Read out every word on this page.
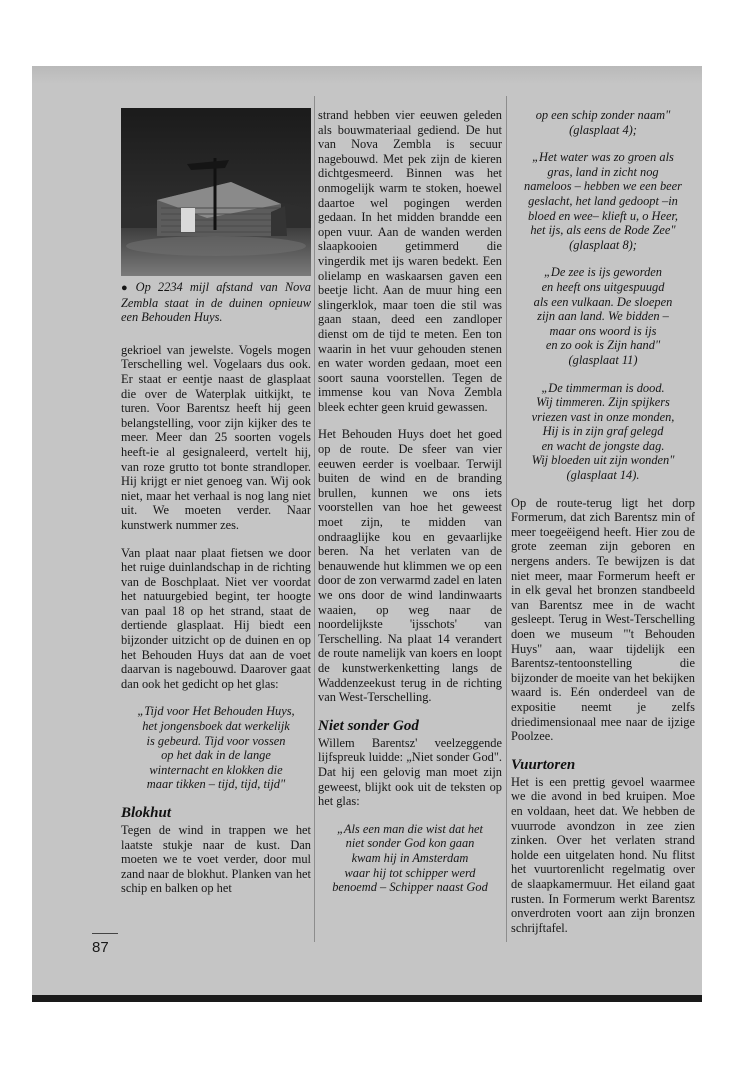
● Op 2234 mijl afstand van Nova Zembla staat in de duinen opnieuw een Behouden Huys.

gekrioel van jewelste. Vogels mogen Terschelling wel. Vogelaars dus ook. Er staat er eentje naast de glasplaat die over de Waterplak uitkijkt, te turen. Voor Barentsz heeft hij geen belangstelling, voor zijn kijker des te meer. Meer dan 25 soorten vogels heeft-ie al gesignaleerd, vertelt hij, van roze grutto tot bonte strandloper. Hij krijgt er niet genoeg van. Wij ook niet, maar het verhaal is nog lang niet uit. We moeten verder. Naar kunstwerk nummer zes.

Van plaat naar plaat fietsen we door het ruige duinlandschap in de richting van de Boschplaat. Niet ver voordat het natuurgebied begint, ter hoogte van paal 18 op het strand, staat de dertiende glasplaat. Hij biedt een bijzonder uitzicht op de duinen en op het Behouden Huys dat aan de voet daarvan is nagebouwd. Daarover gaat dan ook het gedicht op het glas:

„Tijd voor Het Behouden Huys,
het jongensboek dat werkelijk
is gebeurd. Tijd voor vossen
op het dak in de lange
winternacht en klokken die
maar tikken – tijd, tijd, tijd"
Blokhut

Tegen de wind in trappen we het laatste stukje naar de kust. Dan moeten we te voet verder, door mul zand naar de blokhut. Planken van het schip en balken op het

strand hebben vier eeuwen geleden als bouwmateriaal gediend. De hut van Nova Zembla is secuur nagebouwd. Met pek zijn de kieren dichtgesmeerd. Binnen was het onmogelijk warm te stoken, hoewel daartoe wel pogingen werden gedaan. In het midden brandde een open vuur. Aan de wanden werden slaapkooien getimmerd die vingerdik met ijs waren bedekt. Een olielamp en waskaarsen gaven een beetje licht. Aan de muur hing een slingerklok, maar toen die stil was gaan staan, deed een zandloper dienst om de tijd te meten. Een ton waarin in het vuur gehouden stenen en water worden gedaan, moet een soort sauna voorstellen. Tegen de immense kou van Nova Zembla bleek echter geen kruid gewassen.

Het Behouden Huys doet het goed op de route. De sfeer van vier eeuwen eerder is voelbaar. Terwijl buiten de wind en de branding brullen, kunnen we ons iets voorstellen van hoe het geweest moet zijn, te midden van ondraaglijke kou en gevaarlijke beren. Na het verlaten van de benauwende hut klimmen we op een door de zon verwarmd zadel en laten we ons door de wind landinwaarts waaien, op weg naar de noordelijkste 'ijsschots' van Terschelling. Na plaat 14 verandert de route namelijk van koers en loopt de kunstwerkenketting langs de Waddenzeekust terug in de richting van West-Terschelling.

Niet sonder God

Willem Barentsz' veelzeggende lijfspreuk luidde: „Niet sonder God". Dat hij een gelovig man moet zijn geweest, blijkt ook uit de teksten op het glas:

„Als een man die wist dat het
niet sonder God kon gaan
kwam hij in Amsterdam
waar hij tot schipper werd
benoemd – Schipper naast God
op een schip zonder naam"
(glasplaat 4);
„Het water was zo groen als
gras, land in zicht nog
nameloos – hebben we een beer
geslacht, het land gedoopt –in
bloed en wee– klieft u, o Heer,
het ijs, als eens de Rode Zee"
(glasplaat 8);
„De zee is ijs geworden
en heeft ons uitgespuugd
als een vulkaan. De sloepen
zijn aan land. We bidden –
maar ons woord is ijs
en zo ook is Zijn hand"
(glasplaat 11)
„De timmerman is dood.
Wij timmeren. Zijn spijkers
vriezen vast in onze monden,
Hij is in zijn graf gelegd
en wacht de jongste dag.
Wij bloeden uit zijn wonden"
(glasplaat 14).

Op de route-terug ligt het dorp Formerum, dat zich Barentsz min of meer toegeëigend heeft. Hier zou de grote zeeman zijn geboren en nergens anders. Te bewijzen is dat niet meer, maar Formerum heeft er in elk geval het bronzen standbeeld van Barentsz mee in de wacht gesleept. Terug in West-Terschelling doen we museum "'t Behouden Huys" aan, waar tijdelijk een Barentsz-tentoonstelling die bijzonder de moeite van het bekijken waard is. Eén onderdeel van de expositie neemt je zelfs driedimensionaal mee naar de ijzige Poolzee.

Vuurtoren

Het is een prettig gevoel waarmee we die avond in bed kruipen. Moe en voldaan, heet dat. We hebben de vuurrode avondzon in zee zien zinken. Over het verlaten strand holde een uitgelaten hond. Nu flitst het vuurtorenlicht regelmatig over de slaapkamermuur. Het eiland gaat rusten. In Formerum werkt Barentsz onverdroten voort aan zijn bronzen schrijftafel.

87
